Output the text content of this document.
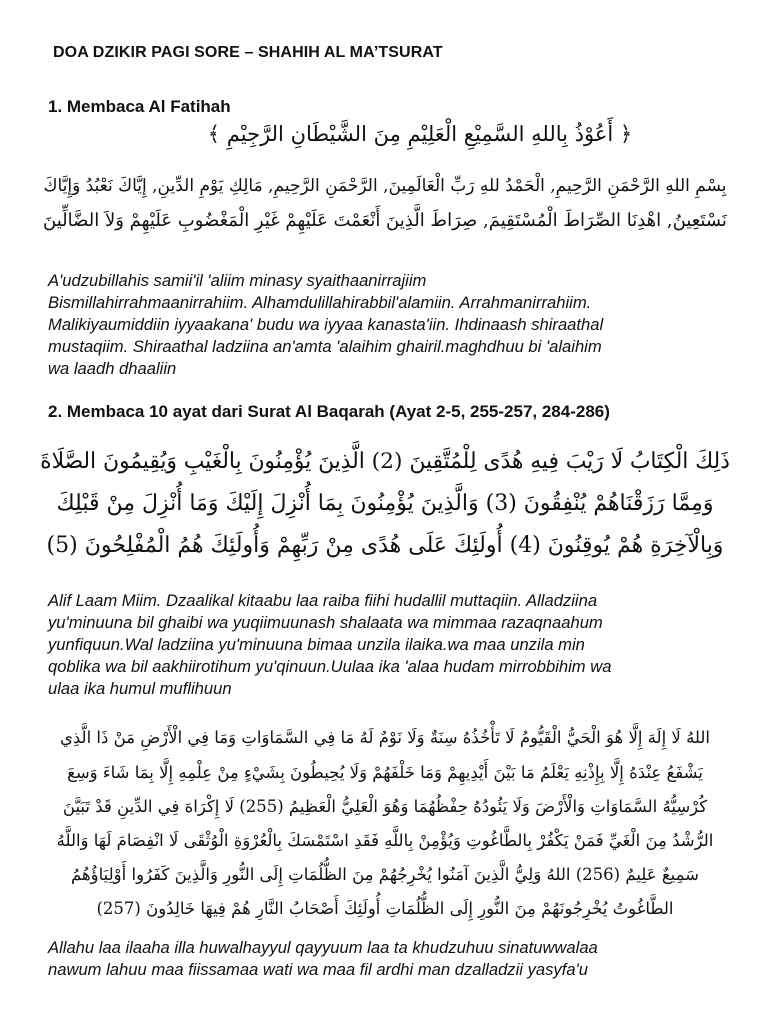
DOA DZIKIR PAGI SORE – SHAHIH AL MA’TSURAT
1. Membaca Al Fatihah
﴿ أَعُوْذُ بِاللهِ السَّمِيْعِ الْعَلِيْمِ مِنَ الشَّيْطَانِ الرَّجِيْمِ ﴾
بِسْمِ اللهِ الرَّحْمَنِ الرَّحِيمِ, الْحَمْدُ للهِ رَبِّ الْعَالَمِينَ, الرَّحْمَنِ الرَّحِيمِ, مَالِكِ يَوْمِ الدِّينِ, إِيَّاكَ نَعْبُدُ وَإِيَّاكَ
نَسْتَعِينُ, اهْدِنَا الصِّرَاطَ الْمُسْتَقِيمَ, صِرَاطَ الَّذِينَ أَنْعَمْتَ عَلَيْهِمْ غَيْرِ الْمَغْضُوبِ عَلَيْهِمْ وَلاَ الضَّالِّينَ

A'udzubillahis samii'il 'aliim minasy syaithaanirrajiim

Bismillahirrahmaanirrahiim. Alhamdulillahirabbil'alamiin. Arrahmanirrahiim.

Malikiyaumiddiin iyyaakana' budu wa iyyaa kanasta'iin. Ihdinaash shiraathal

mustaqiim. Shiraathal ladziina an'amta 'alaihim ghairil.maghdhuu bi 'alaihim

wa laadh dhaaliin

2. Membaca 10 ayat dari Surat Al Baqarah (Ayat 2-5, 255-257, 284-286)
ذَلِكَ الْكِتَابُ لَا رَيْبَ فِيهِ هُدًى لِلْمُتَّقِينَ (2) الَّذِينَ يُؤْمِنُونَ بِالْغَيْبِ وَيُقِيمُونَ الصَّلَاةَ
وَمِمَّا رَزَقْنَاهُمْ يُنْفِقُونَ (3) وَالَّذِينَ يُؤْمِنُونَ بِمَا أُنْزِلَ إِلَيْكَ وَمَا أُنْزِلَ مِنْ قَبْلِكَ
وَبِالْآخِرَةِ هُمْ يُوقِنُونَ (4) أُولَئِكَ عَلَى هُدًى مِنْ رَبِّهِمْ وَأُولَئِكَ هُمُ الْمُفْلِحُونَ (5)

Alif Laam Miim. Dzaalikal kitaabu laa raiba fiihi hudallil muttaqiin. Alladziina

yu'minuuna bil ghaibi wa yuqiimuunash shalaata wa mimmaa razaqnaahum

yunfiquun.Wal ladziina yu'minuuna bimaa unzila ilaika.wa maa unzila min

qoblika wa bil aakhiirotihum yu'qinuun.Uulaa ika 'alaa hudam mirrobbihim wa

ulaa ika humul muflihuun

اللهُ لَا إِلَهَ إِلَّا هُوَ الْحَيُّ الْقَيُّومُ لَا تَأْخُذُهُ سِنَةٌ وَلَا نَوْمٌ لَهُ مَا فِي السَّمَاوَاتِ وَمَا فِي الْأَرْضِ مَنْ ذَا الَّذِي
يَشْفَعُ عِنْدَهُ إِلَّا بِإِذْنِهِ يَعْلَمُ مَا بَيْنَ أَيْدِيهِمْ وَمَا خَلْفَهُمْ وَلَا يُحِيطُونَ بِشَيْءٍ مِنْ عِلْمِهِ إِلَّا بِمَا شَاءَ وَسِعَ
كُرْسِيُّهُ السَّمَاوَاتِ وَالْأَرْضَ وَلَا يَئُودُهُ حِفْظُهُمَا وَهُوَ الْعَلِيُّ الْعَظِيمُ (255) لَا إِكْرَاهَ فِي الدِّينِ قَدْ تَبَيَّنَ
الرُّشْدُ مِنَ الْغَيِّ فَمَنْ يَكْفُرْ بِالطَّاغُوتِ وَيُؤْمِنْ بِاللَّهِ فَقَدِ اسْتَمْسَكَ بِالْعُرْوَةِ الْوُثْقَى لَا انْفِصَامَ لَهَا وَاللَّهُ
سَمِيعٌ عَلِيمٌ (256) اللهُ وَلِيُّ الَّذِينَ آمَنُوا يُخْرِجُهُمْ مِنَ الظُّلُمَاتِ إِلَى النُّورِ وَالَّذِينَ كَفَرُوا أَوْلِيَاؤُهُمُ
الطَّاغُوتُ يُخْرِجُونَهُمْ مِنَ النُّورِ إِلَى الظُّلُمَاتِ أُولَئِكَ أَصْحَابُ النَّارِ هُمْ فِيهَا خَالِدُونَ (257)

Allahu laa ilaaha illa huwalhayyul qayyuum laa ta khudzuhuu sinatuwwalaa

nawum lahuu maa fiissamaa wati wa maa fil ardhi man dzalladzii yasyfa'u
